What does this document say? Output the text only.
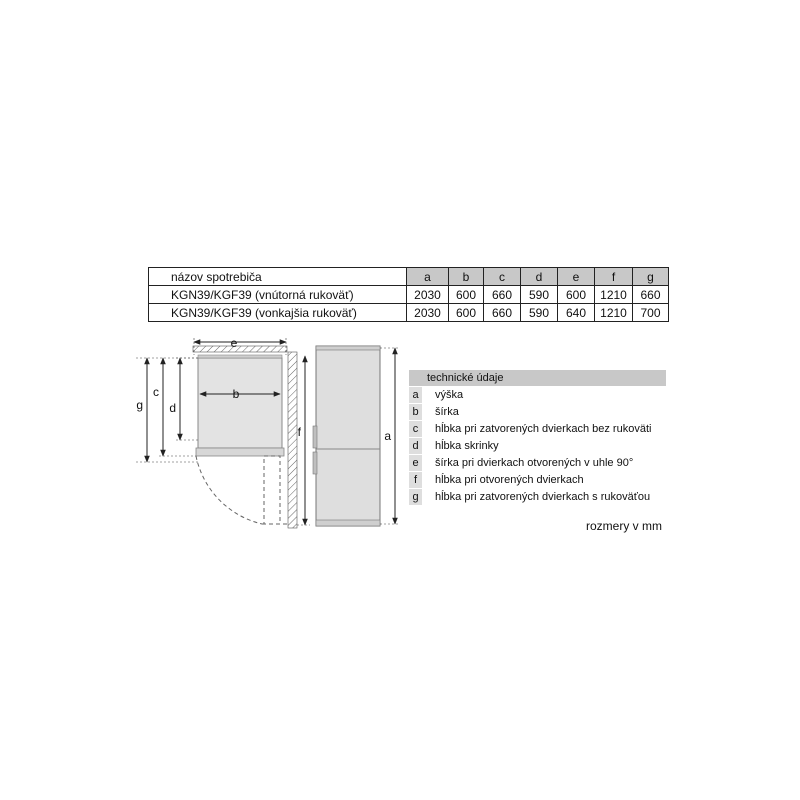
názov spotrebiča	a	b	c	d	e	f	g
KGN39/KGF39 (vnútorná rukoväť)	2030	600	660	590	600	1210	660
KGN39/KGF39 (vonkajšia rukoväť)	2030	600	660	590	640	1210	700
e
b
d
c
g
f	a
technické údaje
a	výška
b	šírka
c	hĺbka pri zatvorených dvierkach bez rukoväti
d	hĺbka skrinky
e	šírka pri dvierkach otvorených v uhle 90°
f	hĺbka pri otvorených dvierkach
g	hĺbka pri zatvorených dvierkach s rukoväťou
rozmery v mm
